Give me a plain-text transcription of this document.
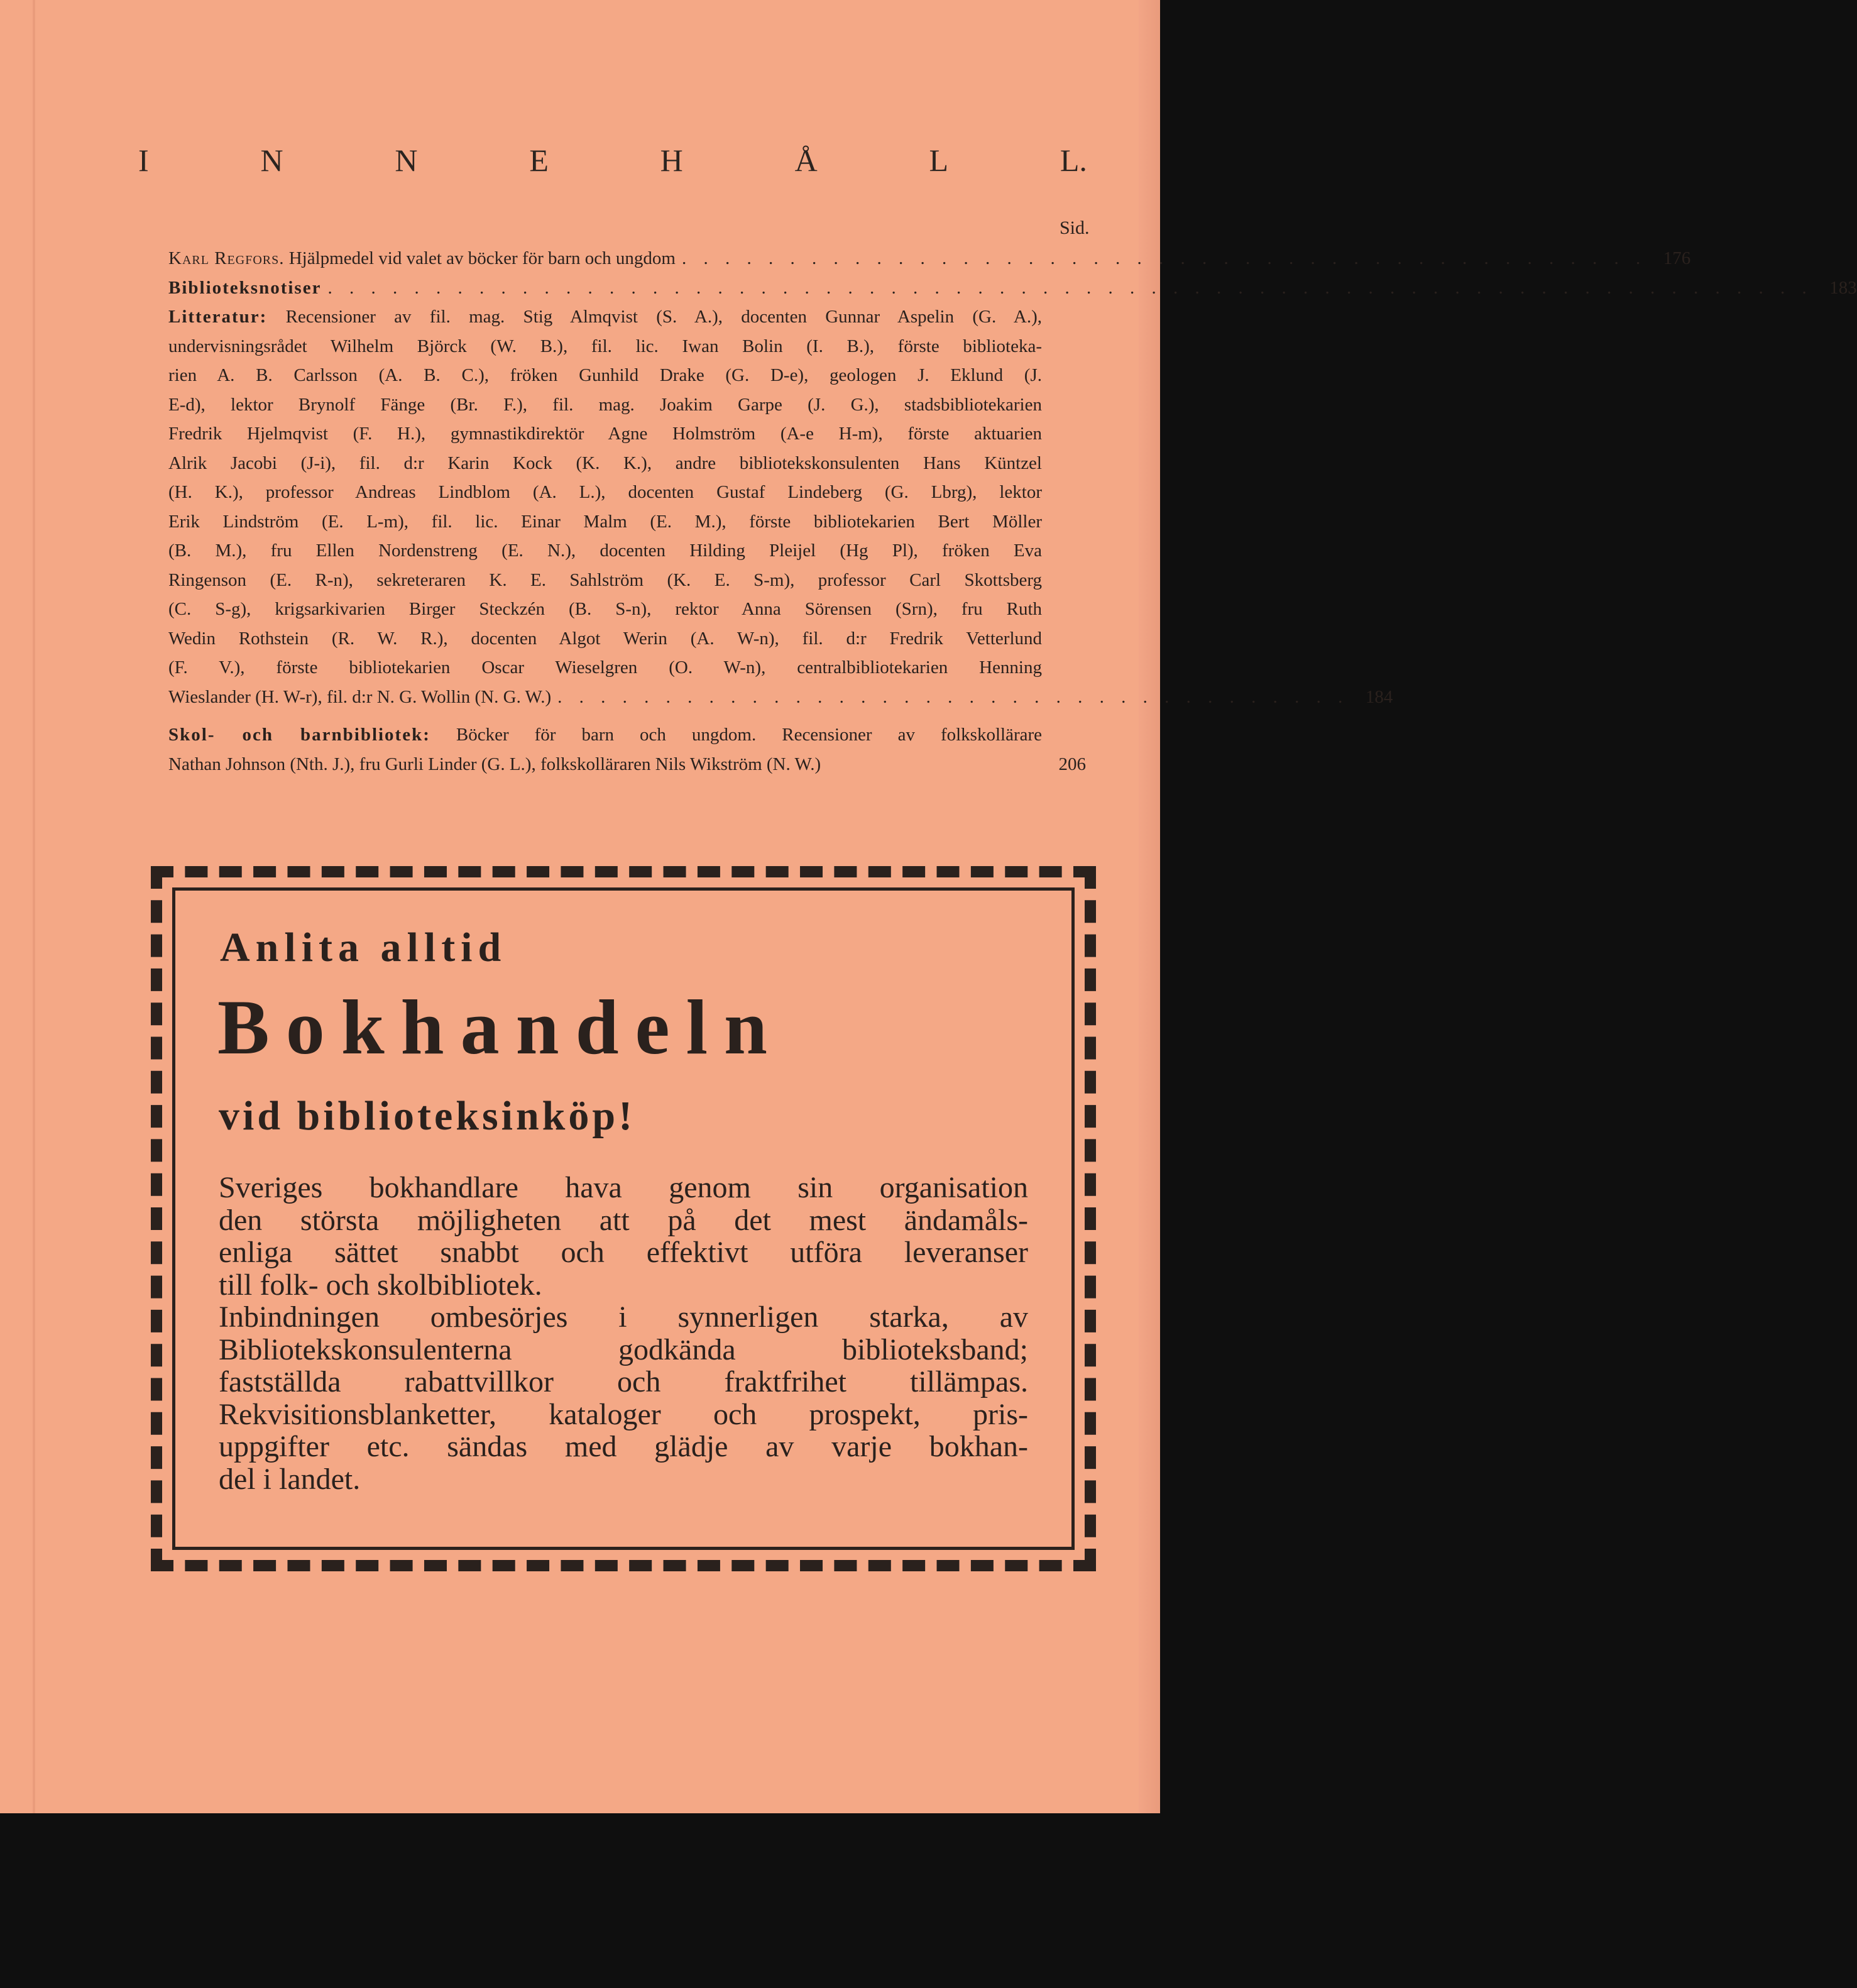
I	N	N	E	H	Å	L	L.
Sid.
Karl Regfors. Hjälpmedel vid valet av böcker för barn och ungdom . . . . . . . . . . . . . . . . . . . . . . . . . . . . . . . . . . . . . . . . . . . . . 176
Biblioteksnotiser . . . . . . . . . . . . . . . . . . . . . . . . . . . . . . . . . . . . . . . . . . . . . . . . . . . . . . . . . . . . . . . . . . . . . 183
Litteratur: Recensioner av fil. mag. Stig Almqvist (S. A.), docenten Gunnar Aspelin (G. A.),
undervisningsrådet Wilhelm Björck (W. B.), fil. lic. Iwan Bolin (I. B.), förste biblioteka-
rien A. B. Carlsson (A. B. C.), fröken Gunhild Drake (G. D-e), geologen J. Eklund (J.
E-d), lektor Brynolf Fänge (Br. F.), fil. mag. Joakim Garpe (J. G.), stadsbibliotekarien
Fredrik Hjelmqvist (F. H.), gymnastikdirektör Agne Holmström (A-e H-m), förste aktuarien
Alrik Jacobi (J-i), fil. d:r Karin Kock (K. K.), andre bibliotekskonsulenten Hans Küntzel
(H. K.), professor Andreas Lindblom (A. L.), docenten Gustaf Lindeberg (G. Lbrg), lektor
Erik Lindström (E. L-m), fil. lic. Einar Malm (E. M.), förste bibliotekarien Bert Möller
(B. M.), fru Ellen Nordenstreng (E. N.), docenten Hilding Pleijel (Hg Pl), fröken Eva
Ringenson (E. R-n), sekreteraren K. E. Sahlström (K. E. S-m), professor Carl Skottsberg
(C. S-g), krigsarkivarien Birger Steckzén (B. S-n), rektor Anna Sörensen (Srn), fru Ruth
Wedin Rothstein (R. W. R.), docenten Algot Werin (A. W-n), fil. d:r Fredrik Vetterlund
(F. V.), förste bibliotekarien Oscar Wieselgren (O. W-n), centralbibliotekarien Henning
Wieslander (H. W-r), fil. d:r N. G. Wollin (N. G. W.) . . . . . . . . . . . . . . . . . . . . . . . . . . . . . . . . . . . . . 184
Skol- och barnbibliotek: Böcker för barn och ungdom. Recensioner av folkskollärare
Nathan Johnson (Nth. J.), fru Gurli Linder (G. L.), folkskolläraren Nils Wikström (N. W.)	206
Anlita alltid
Bokhandeln
vid biblioteksinköp!
Sveriges bokhandlare hava genom sin organisation
den största möjligheten att på det mest ändamåls-
enliga sättet snabbt och effektivt utföra leveranser
till folk- och skolbibliotek.
Inbindningen ombesörjes i synnerligen starka, av
Bibliotekskonsulenterna godkända biblioteksband;
fastställda rabattvillkor och fraktfrihet tillämpas.
Rekvisitionsblanketter, kataloger och prospekt, pris-
uppgifter etc. sändas med glädje av varje bokhan-
del i landet.
